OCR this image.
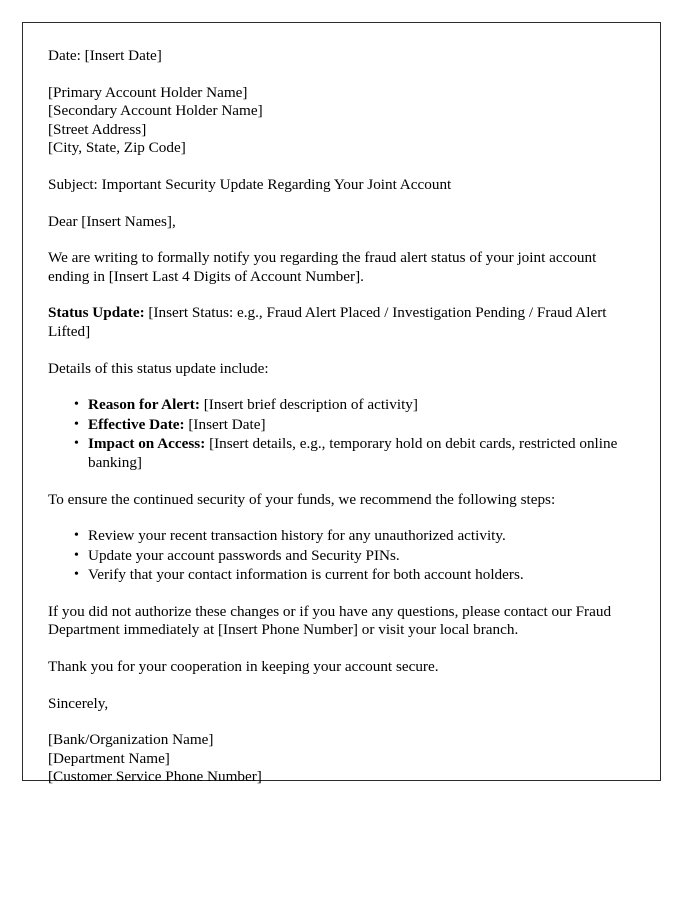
Date: [Insert Date]

[Primary Account Holder Name]
[Secondary Account Holder Name]
[Street Address]
[City, State, Zip Code]

Subject: Important Security Update Regarding Your Joint Account

Dear [Insert Names],

We are writing to formally notify you regarding the fraud alert status of your joint account ending in [Insert Last 4 Digits of Account Number].

Status Update: [Insert Status: e.g., Fraud Alert Placed / Investigation Pending / Fraud Alert Lifted]

Details of this status update include:

• Reason for Alert: [Insert brief description of activity]
• Effective Date: [Insert Date]
• Impact on Access: [Insert details, e.g., temporary hold on debit cards, restricted online banking]

To ensure the continued security of your funds, we recommend the following steps:

• Review your recent transaction history for any unauthorized activity.
• Update your account passwords and Security PINs.
• Verify that your contact information is current for both account holders.

If you did not authorize these changes or if you have any questions, please contact our Fraud Department immediately at [Insert Phone Number] or visit your local branch.

Thank you for your cooperation in keeping your account secure.

Sincerely,

[Bank/Organization Name]
[Department Name]
[Customer Service Phone Number]
